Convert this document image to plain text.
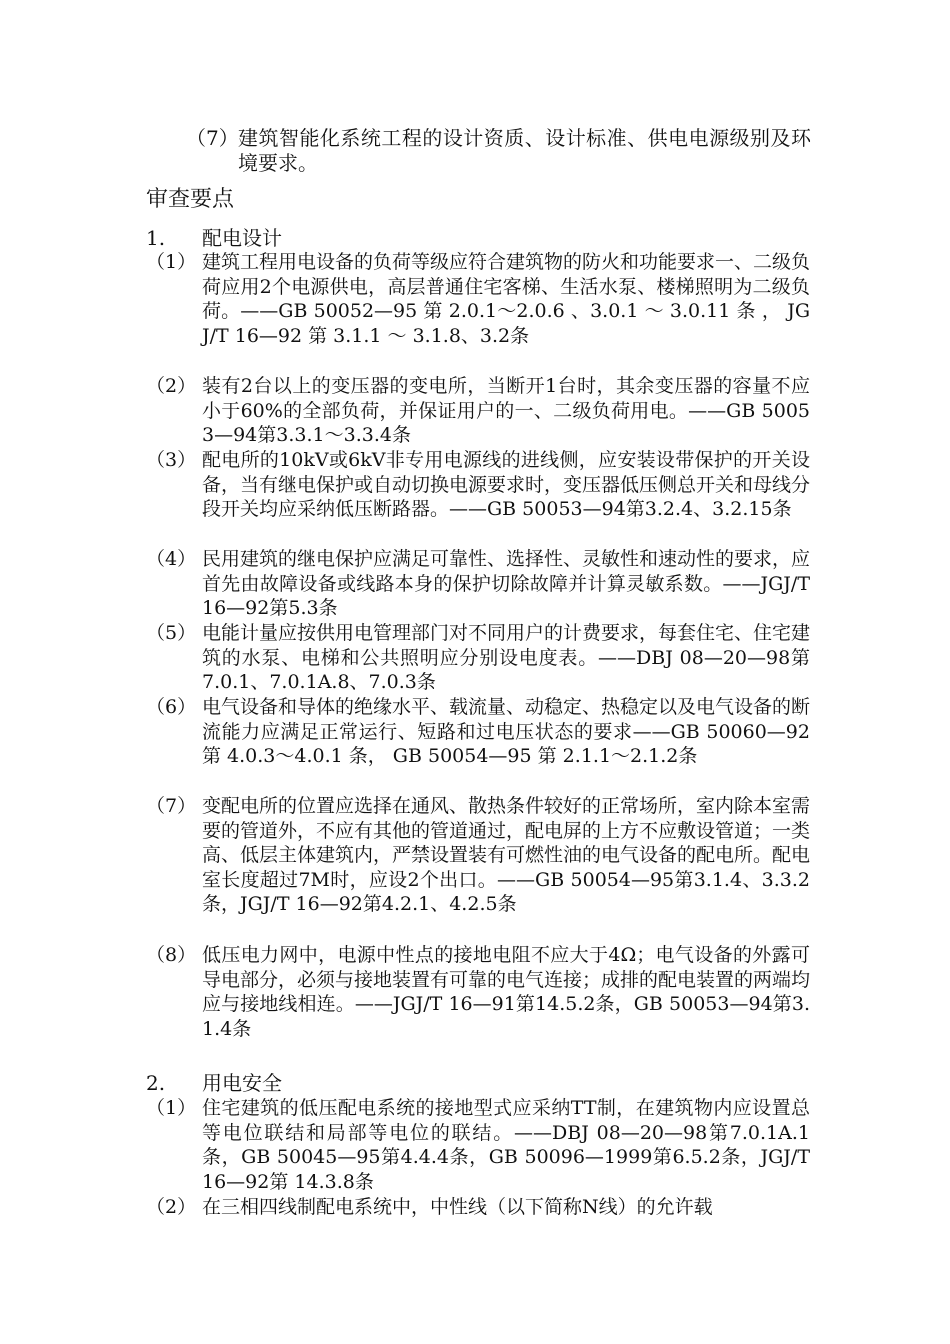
（7） 建筑智能化系统工程的设计资质、设计标准、供电电源级别及环境要求。
审查要点
1. 配电设计
（1） 建筑工程用电设备的负荷等级应符合建筑物的防火和功能要求一、二级负荷应用2个电源供电，高层普通住宅客梯、生活水泵、楼梯照明为二级负荷。——GB 50052—95 第 2.0.1～2.0.6 、3.0.1 ～ 3.0.11 条 ， JGJ/T 16—92 第 3.1.1 ～ 3.1.8、3.2条
（2） 装有2台以上的变压器的变电所，当断开1台时，其余变压器的容量不应小于60%的全部负荷，并保证用户的一、二级负荷用电。——GB 50053—94第3.3.1～3.3.4条
（3） 配电所的10kV或6kV非专用电源线的进线侧，应安装设带保护的开关设备，当有继电保护或自动切换电源要求时，变压器低压侧总开关和母线分段开关均应采纳低压断路器。——GB 50053—94第3.2.4、3.2.15条
（4） 民用建筑的继电保护应满足可靠性、选择性、灵敏性和速动性的要求，应首先由故障设备或线路本身的保护切除故障并计算灵敏系数。——JGJ/T 16—92第5.3条
（5） 电能计量应按供用电管理部门对不同用户的计费要求，每套住宅、住宅建筑的水泵、电梯和公共照明应分别设电度表。——DBJ 08—20—98第7.0.1、7.0.1A.8、7.0.3条
（6） 电气设备和导体的绝缘水平、载流量、动稳定、热稳定以及电气设备的断流能力应满足正常运行、短路和过电压状态的要求——GB 50060—92 第 4.0.3～4.0.1 条， GB 50054—95 第 2.1.1～2.1.2条
（7） 变配电所的位置应选择在通风、散热条件较好的正常场所，室内除本室需要的管道外，不应有其他的管道通过，配电屏的上方不应敷设管道；一类高、低层主体建筑内，严禁设置装有可燃性油的电气设备的配电所。配电室长度超过7M时，应设2个出口。——GB 50054—95第3.1.4、3.3.2条，JGJ/T 16—92第4.2.1、4.2.5条
（8） 低压电力网中，电源中性点的接地电阻不应大于4Ω；电气设备的外露可导电部分，必须与接地装置有可靠的电气连接；成排的配电装置的两端均应与接地线相连。——JGJ/T 16—91第14.5.2条，GB 50053—94第3.1.4条
2. 用电安全
（1） 住宅建筑的低压配电系统的接地型式应采纳TT制，在建筑物内应设置总等电位联结和局部等电位的联结。——DBJ 08—20—98第7.0.1A.1条，GB 50045—95第4.4.4条，GB 50096—1999第6.5.2条，JGJ/T 16—92第 14.3.8条
（2） 在三相四线制配电系统中，中性线（以下简称N线）的允许载
